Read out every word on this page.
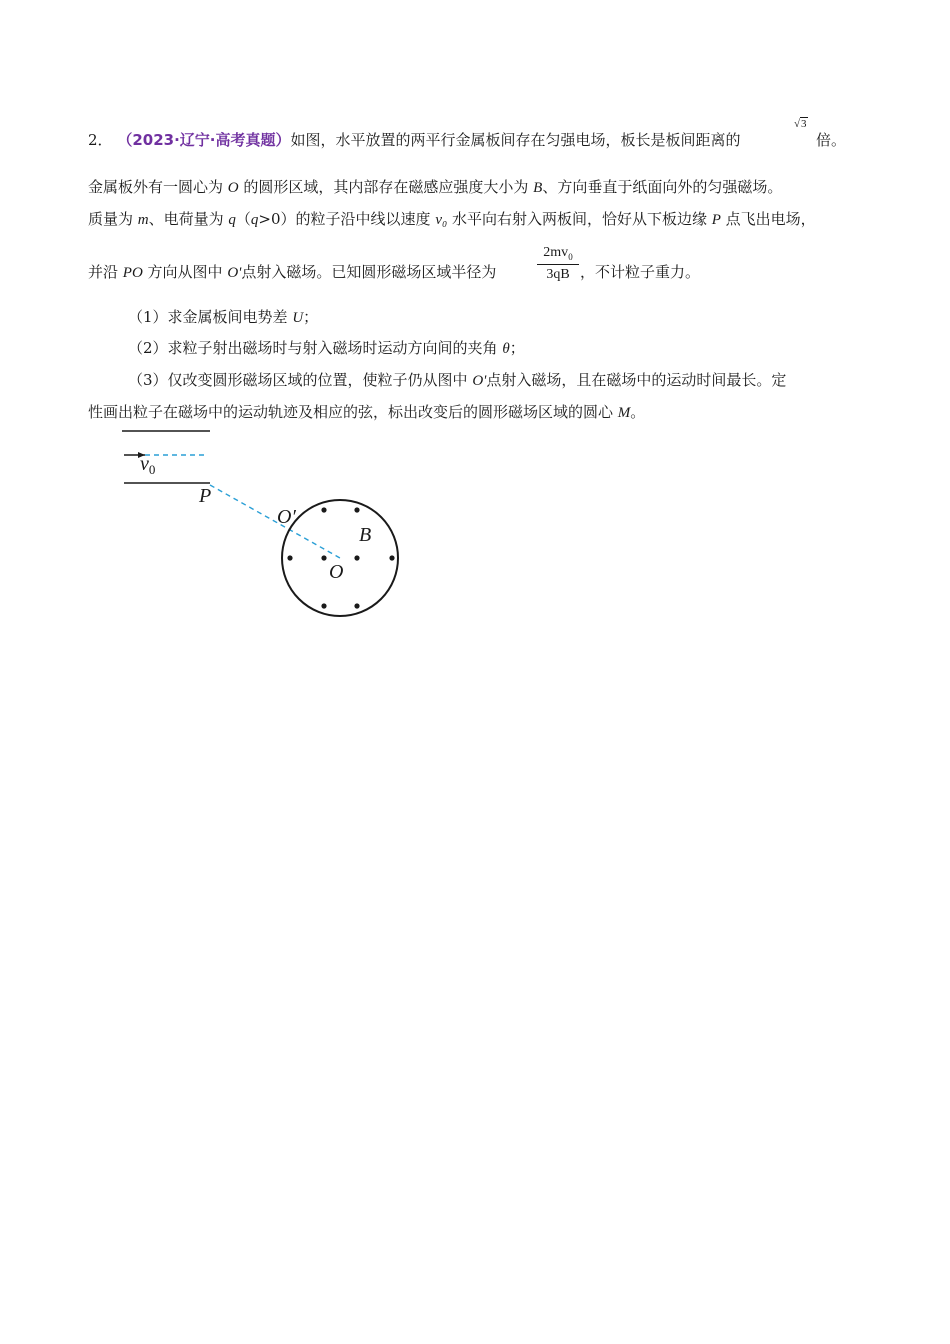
2． （2023·辽宁·高考真题）如图，水平放置的两平行金属板间存在匀强电场，板长是板间距离的
√3
倍。
金属板外有一圆心为 O 的圆形区域，其内部存在磁感应强度大小为 B、方向垂直于纸面向外的匀强磁场。
质量为 m、电荷量为 q（q>0）的粒子沿中线以速度 v₀ 水平向右射入两板间，恰好从下板边缘 P 点飞出电场，
并沿 PO 方向从图中 O'点射入磁场。已知圆形磁场区域半径为	$\frac{2mv_0}{3qB}$ ，不计粒子重力。
（1）求金属板间电势差 U；
（2）求粒子射出磁场时与射入磁场时运动方向间的夹角 θ；
（3）仅改变圆形磁场区域的位置，使粒子仍从图中 O'点射入磁场，且在磁场中的运动时间最长。定
性画出粒子在磁场中的运动轨迹及相应的弦，标出改变后的圆形磁场区域的圆心 M。
$v_0$
P
O′
B
O
